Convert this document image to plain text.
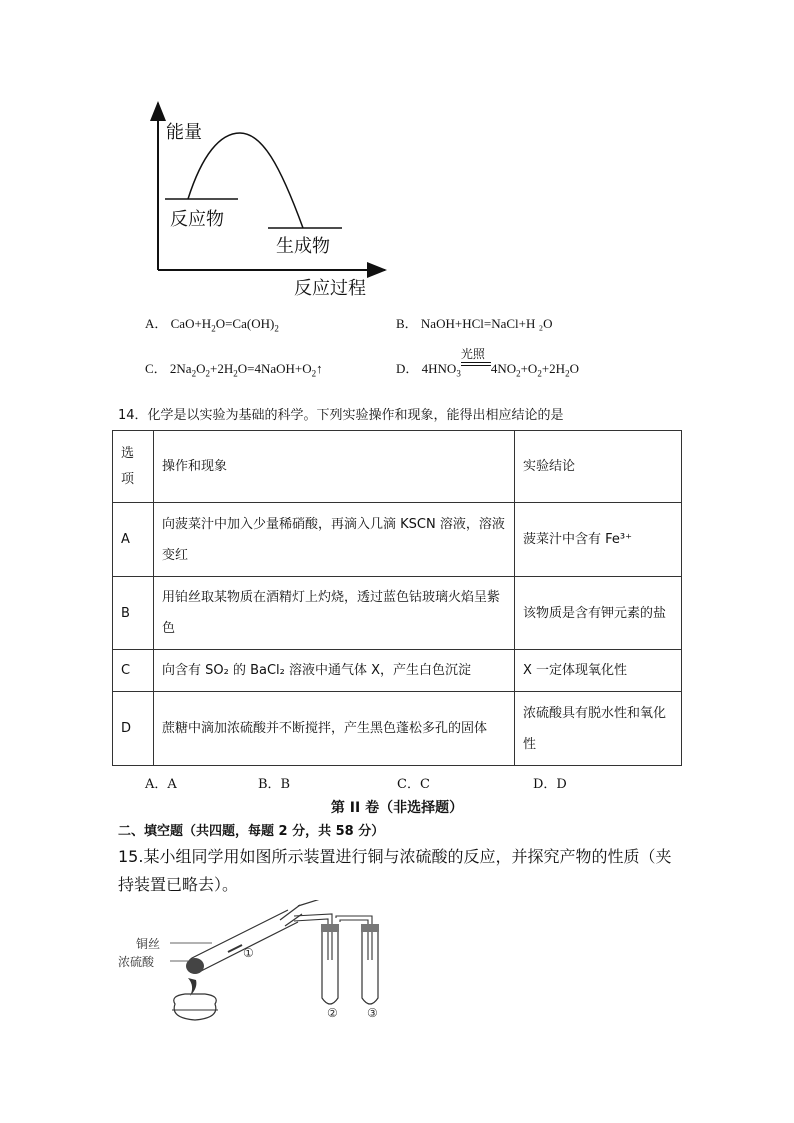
能量
反应物
生成物
反应过程
A． $CaO+H_2O=Ca(OH)_2$	B． NaOH+HCl=NaCl+H ₂O
C． $2Na_2O_2+2H_2O=4NaOH+O_2↑$	D． $4HNO_3$
光照
$4NO_2+O_2+2H_2O$
14．化学是以实验为基础的科学。下列实验操作和现象，能得出相应结论的是
选
项	操作和现象	实验结论
A	向菠菜汁中加入少量稀硝酸，再滴入几滴 KSCN 溶液，溶液变红	菠菜汁中含有 Fe³⁺
B	用铂丝取某物质在酒精灯上灼烧，透过蓝色钴玻璃火焰呈紫色	该物质是含有钾元素的盐
C	向含有 SO₂ 的 BaCl₂ 溶液中通气体 X，产生白色沉淀	X 一定体现氧化性
D	蔗糖中滴加浓硫酸并不断搅拌，产生黑色蓬松多孔的固体	浓硫酸具有脱水性和氧化性
A．A	B．B	C．C	D．D
第 II 卷（非选择题）
二、填空题（共四题，每题 2 分，共 58 分）
15.某小组同学用如图所示装置进行铜与浓硫酸的反应，并探究产物的性质（夹持装置已略去）。
铜丝
浓硫酸
①
② ③
